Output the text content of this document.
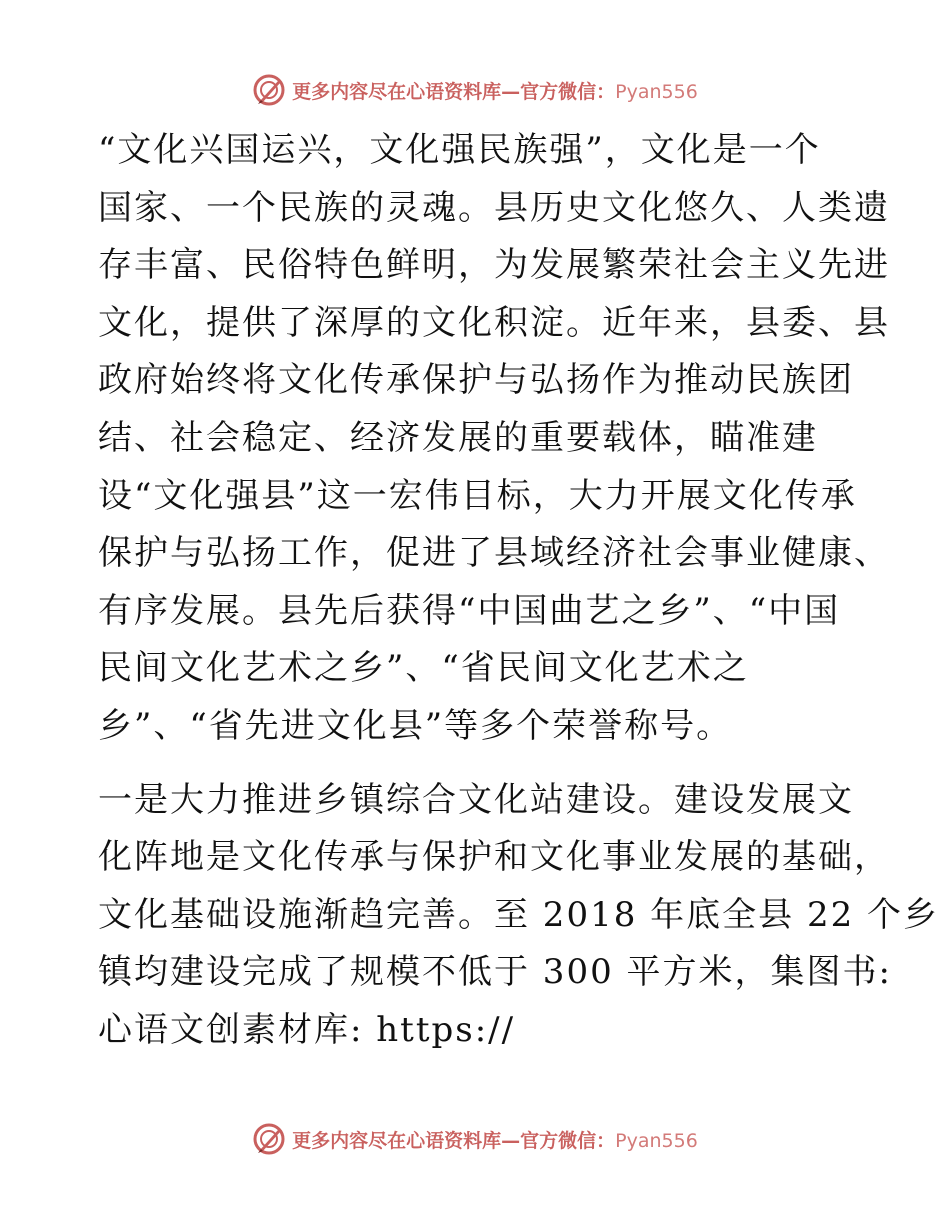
更多内容尽在心语资料库—官方微信：Pyan556

“文化兴国运兴，文化强民族强”，文化是一个
国家、一个民族的灵魂。县历史文化悠久、人类遗
存丰富、民俗特色鲜明，为发展繁荣社会主义先进
文化，提供了深厚的文化积淀。近年来，县委、县
政府始终将文化传承保护与弘扬作为推动民族团
结、社会稳定、经济发展的重要载体，瞄准建
设“文化强县”这一宏伟目标，大力开展文化传承
保护与弘扬工作，促进了县域经济社会事业健康、
有序发展。县先后获得“中国曲艺之乡”、“中国
民间文化艺术之乡”、“省民间文化艺术之
乡”、“省先进文化县”等多个荣誉称号。

一是大力推进乡镇综合文化站建设。建设发展文
化阵地是文化传承与保护和文化事业发展的基础，
文化基础设施渐趋完善。至 2018 年底全县 22 个乡
镇均建设完成了规模不低于 300 平方米，集图书:
心语文创素材库: https://

更多内容尽在心语资料库—官方微信：Pyan556
